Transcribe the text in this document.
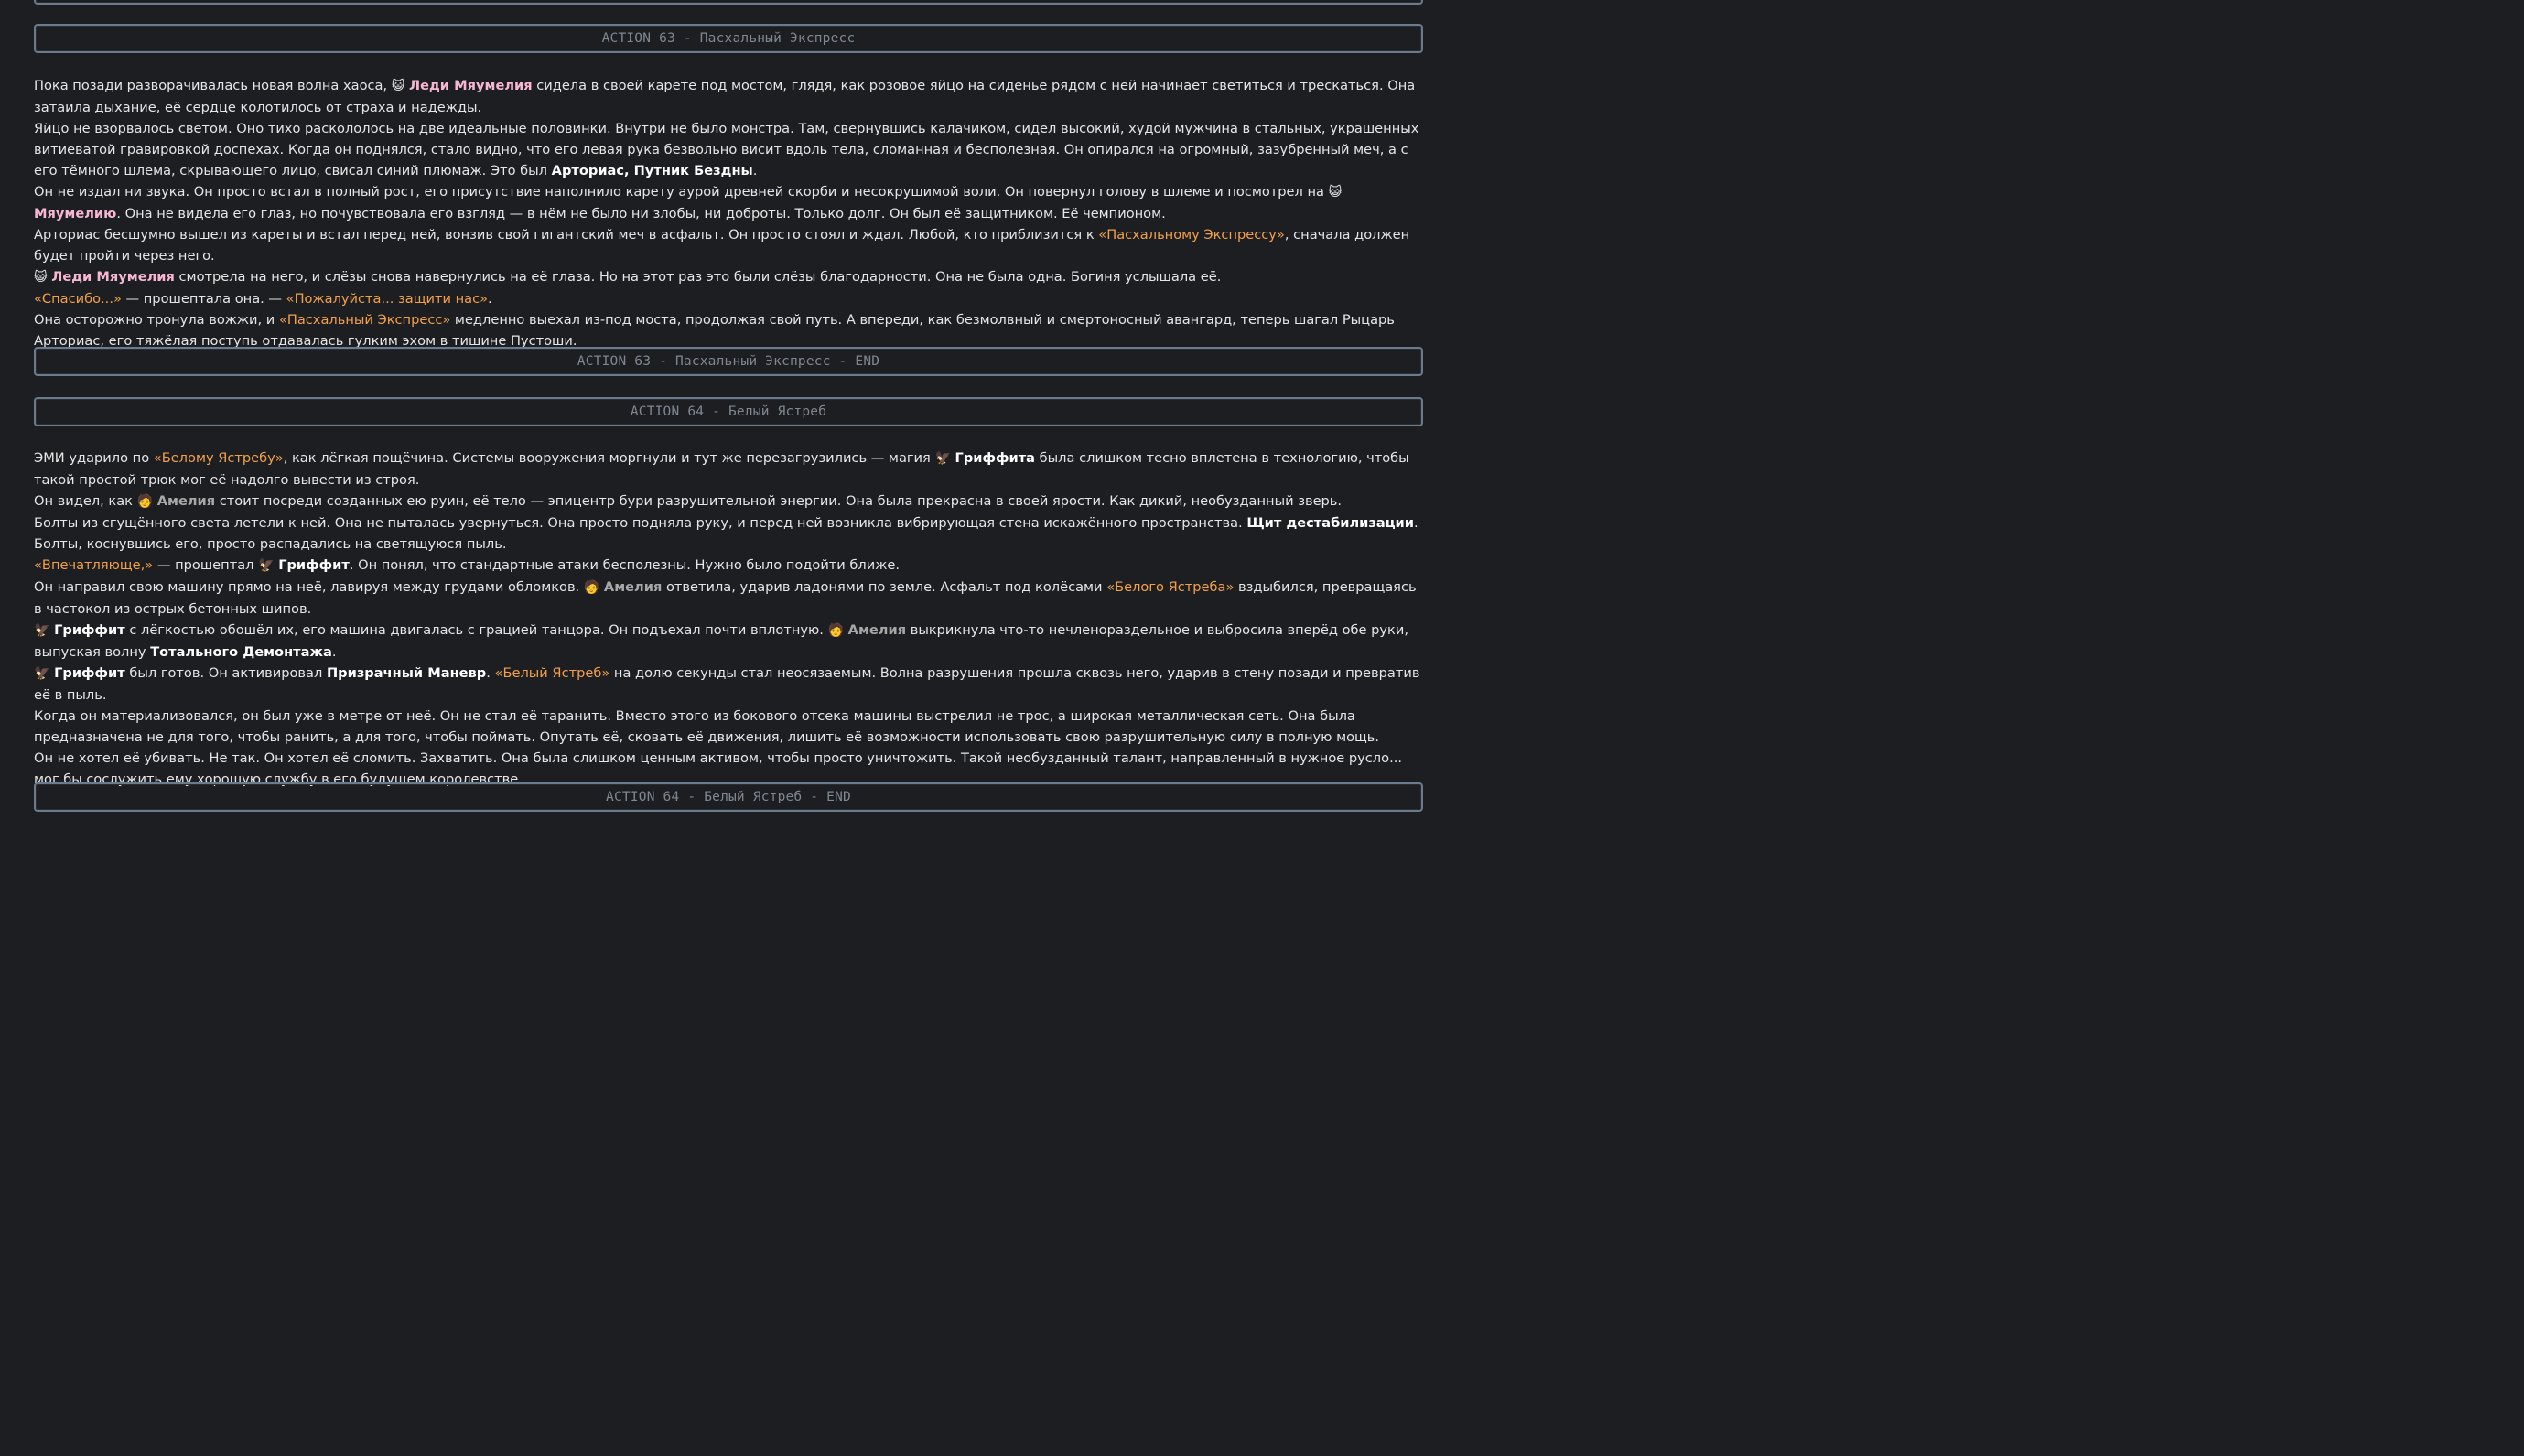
ACTION 63 - Пасхальный Экспресс

Пока позади разворачивалась новая волна хаоса, 😺 Леди Мяумелия сидела в своей карете под мостом, глядя, как розовое яйцо на сиденье рядом с ней начинает светиться и трескаться. Она затаила дыхание, её сердце колотилось от страха и надежды.

Яйцо не взорвалось светом. Оно тихо раскололось на две идеальные половинки. Внутри не было монстра. Там, свернувшись калачиком, сидел высокий, худой мужчина в стальных, украшенных витиеватой гравировкой доспехах. Когда он поднялся, стало видно, что его левая рука безвольно висит вдоль тела, сломанная и бесполезная. Он опирался на огромный, зазубренный меч, а с его тёмного шлема, скрывающего лицо, свисал синий плюмаж. Это был Арториас, Путник Бездны.

Он не издал ни звука. Он просто встал в полный рост, его присутствие наполнило карету аурой древней скорби и несокрушимой воли. Он повернул голову в шлеме и посмотрел на 😺 Мяумелию. Она не видела его глаз, но почувствовала его взгляд — в нём не было ни злобы, ни доброты. Только долг. Он был её защитником. Её чемпионом.

Арториас бесшумно вышел из кареты и встал перед ней, вонзив свой гигантский меч в асфальт. Он просто стоял и ждал. Любой, кто приблизится к «Пасхальному Экспрессу», сначала должен будет пройти через него.

😺 Леди Мяумелия смотрела на него, и слёзы снова навернулись на её глаза. Но на этот раз это были слёзы благодарности. Она не была одна. Богиня услышала её.

«Спасибо...» — прошептала она. — «Пожалуйста... защити нас».

Она осторожно тронула вожжи, и «Пасхальный Экспресс» медленно выехал из-под моста, продолжая свой путь. А впереди, как безмолвный и смертоносный авангард, теперь шагал Рыцарь Арториас, его тяжёлая поступь отдавалась гулким эхом в тишине Пустоши.

ACTION 63 - Пасхальный Экспресс - END
ACTION 64 - Белый Ястреб

ЭМИ ударило по «Белому Ястребу», как лёгкая пощёчина. Системы вооружения моргнули и тут же перезагрузились — магия 🦅 Гриффита была слишком тесно вплетена в технологию, чтобы такой простой трюк мог её надолго вывести из строя.

Он видел, как 🧑 Амелия стоит посреди созданных ею руин, её тело — эпицентр бури разрушительной энергии. Она была прекрасна в своей ярости. Как дикий, необузданный зверь.

Болты из сгущённого света летели к ней. Она не пыталась увернуться. Она просто подняла руку, и перед ней возникла вибрирующая стена искажённого пространства. Щит дестабилизации. Болты, коснувшись его, просто распадались на светящуюся пыль.

«Впечатляюще,» — прошептал 🦅 Гриффит. Он понял, что стандартные атаки бесполезны. Нужно было подойти ближе.

Он направил свою машину прямо на неё, лавируя между грудами обломков. 🧑 Амелия ответила, ударив ладонями по земле. Асфальт под колёсами «Белого Ястреба» вздыбился, превращаясь в частокол из острых бетонных шипов.

🦅 Гриффит с лёгкостью обошёл их, его машина двигалась с грацией танцора. Он подъехал почти вплотную. 🧑 Амелия выкрикнула что-то нечленораздельное и выбросила вперёд обе руки, выпуская волну Тотального Демонтажа.

🦅 Гриффит был готов. Он активировал Призрачный Маневр. «Белый Ястреб» на долю секунды стал неосязаемым. Волна разрушения прошла сквозь него, ударив в стену позади и превратив её в пыль.

Когда он материализовался, он был уже в метре от неё. Он не стал её таранить. Вместо этого из бокового отсека машины выстрелил не трос, а широкая металлическая сеть. Она была предназначена не для того, чтобы ранить, а для того, чтобы поймать. Опутать её, сковать её движения, лишить её возможности использовать свою разрушительную силу в полную мощь.

Он не хотел её убивать. Не так. Он хотел её сломить. Захватить. Она была слишком ценным активом, чтобы просто уничтожить. Такой необузданный талант, направленный в нужное русло... мог бы сослужить ему хорошую службу в его будущем королевстве.

ACTION 64 - Белый Ястреб - END
